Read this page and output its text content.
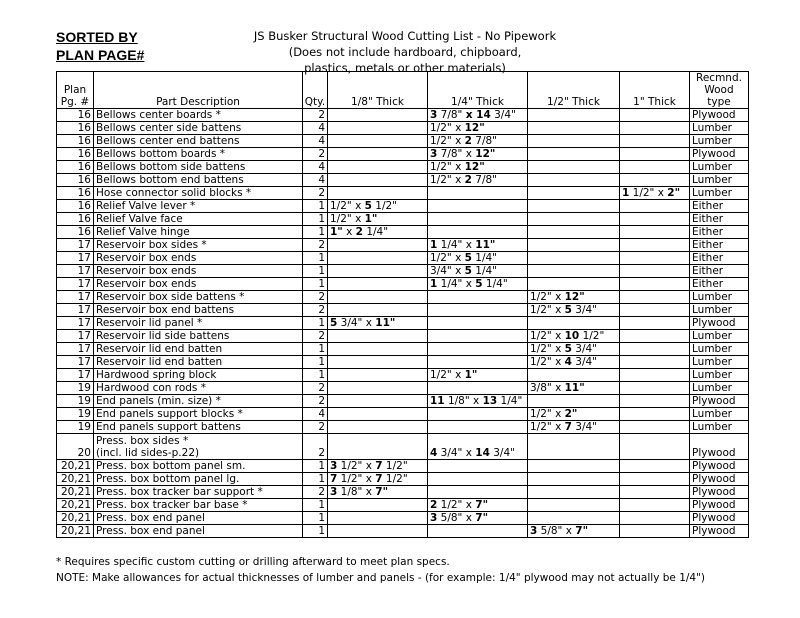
SORTED BY
PLAN PAGE#
JS Busker Structural Wood Cutting List - No Pipework
(Does not include hardboard, chipboard,
plastics, metals or other materials)
Plan Pg. #	Part Description	Qty.	1/8" Thick	1/4" Thick	1/2" Thick	1" Thick	Recmnd. Wood type
16	Bellows center boards *	2		3 7/8" x 14 3/4"			Plywood
16	Bellows center side battens	4		1/2" x 12"			Lumber
16	Bellows center end battens	4		1/2" x 2 7/8"			Lumber
16	Bellows bottom boards *	2		3 7/8" x 12"			Plywood
16	Bellows bottom side battens	4		1/2" x 12"			Lumber
16	Bellows bottom end battens	4		1/2" x 2 7/8"			Lumber
16	Hose connector solid blocks *	2				1 1/2" x 2"	Lumber
16	Relief Valve lever *	1	1/2" x 5 1/2"				Either
16	Relief Valve face	1	1/2" x 1"				Either
16	Relief Valve hinge	1	1" x 2 1/4"				Either
17	Reservoir box sides *	2		1 1/4" x 11"			Either
17	Reservoir box ends	1		1/2" x 5 1/4"			Either
17	Reservoir box ends	1		3/4" x 5 1/4"			Either
17	Reservoir box ends	1		1 1/4" x 5 1/4"			Either
17	Reservoir box side battens *	2			1/2" x 12"		Lumber
17	Reservoir box end battens	2			1/2" x 5 3/4"		Lumber
17	Reservoir lid panel *	1	5 3/4" x 11"				Plywood
17	Reservoir lid side battens	2			1/2" x 10 1/2"		Lumber
17	Reservoir lid end batten	1			1/2" x 5 3/4"		Lumber
17	Reservoir lid end batten	1			1/2" x 4 3/4"		Lumber
17	Hardwood spring block	1		1/2" x 1"			Lumber
19	Hardwood con rods *	2			3/8" x 11"		Lumber
19	End panels (min. size) *	2		11 1/8" x 13 1/4"			Plywood
19	End panels support blocks *	4			1/2" x 2"		Lumber
19	End panels support battens	2			1/2" x 7 3/4"		Lumber
20	Press. box sides *
(incl. lid sides-p.22)	2		4 3/4" x 14 3/4"			Plywood
20,21	Press. box bottom panel sm.	1	3 1/2" x 7 1/2"				Plywood
20,21	Press. box bottom panel lg.	1	7 1/2" x 7 1/2"				Plywood
20,21	Press. box tracker bar support *	2	3 1/8" x 7"				Plywood
20,21	Press. box tracker bar base *	1		2 1/2" x 7"			Plywood
20,21	Press. box end panel	1		3 5/8" x 7"			Plywood
20,21	Press. box end panel	1			3 5/8" x 7"		Plywood
* Requires specific custom cutting or drilling afterward to meet plan specs.
NOTE: Make allowances for actual thicknesses of lumber and panels - (for example: 1/4" plywood may not actually be 1/4")
